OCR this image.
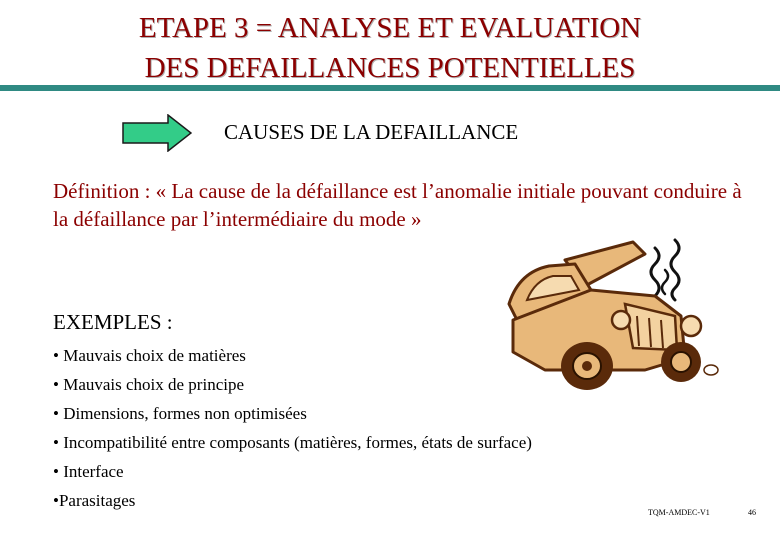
ETAPE 3 = ANALYSE ET EVALUATION
DES DEFAILLANCES POTENTIELLES
CAUSES DE LA DEFAILLANCE
Définition : « La cause de la défaillance est l’anomalie initiale pouvant conduire à la défaillance par l’intermédiaire du mode »
EXEMPLES :
• Mauvais choix de matières
• Mauvais choix de principe
• Dimensions, formes non optimisées
• Incompatibilité entre composants (matières, formes, états de surface)
• Interface
•Parasitages
TQM-AMDEC-V1	46
